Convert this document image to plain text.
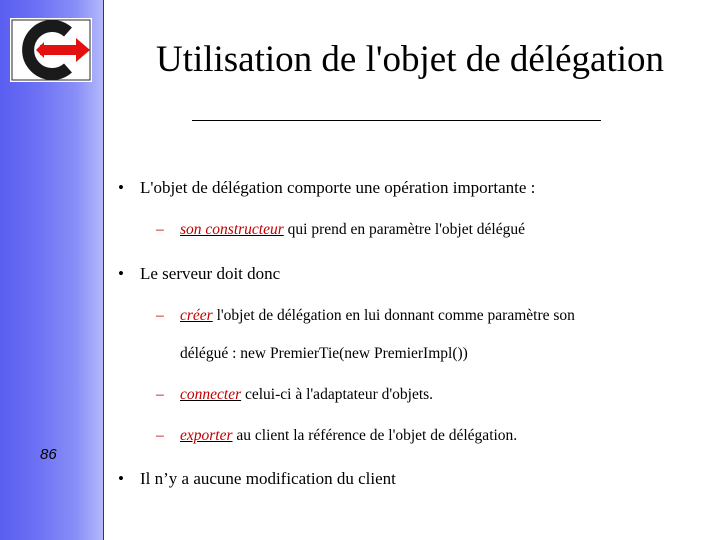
86
Utilisation de l'objet de délégation
• L'objet de délégation comporte une opération importante :
– son constructeur qui prend en paramètre l'objet délégué
• Le serveur doit donc
– créer l'objet de délégation en lui donnant comme paramètre son
délégué : new PremierTie(new PremierImpl())
– connecter celui-ci à l'adaptateur d'objets.
– exporter au client la référence de l'objet de délégation.
• Il n’y a aucune modification du client
